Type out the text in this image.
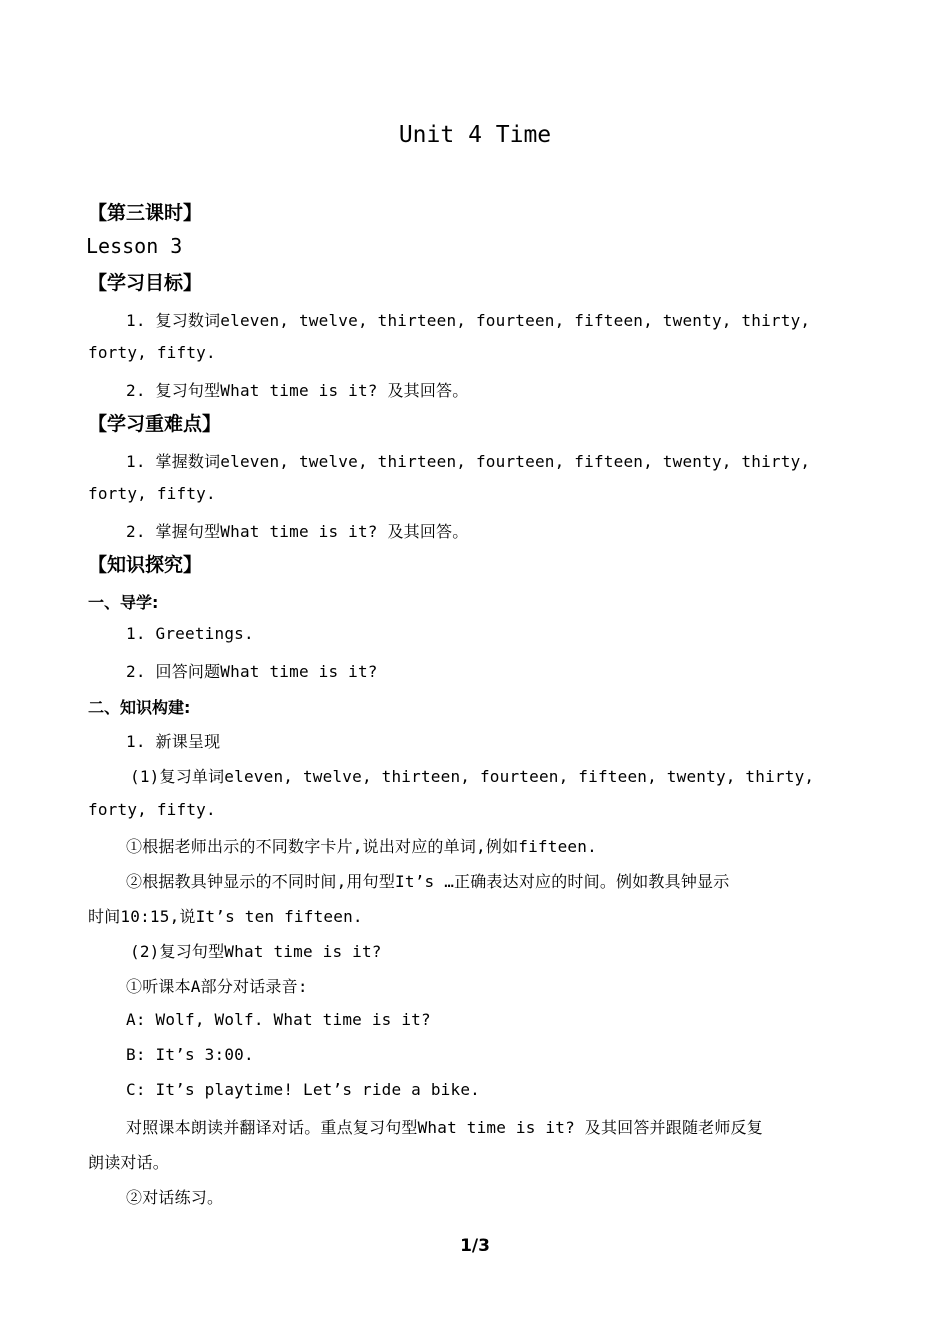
Unit 4 Time
【第三课时】
Lesson 3
【学习目标】
1. 复习数词eleven, twelve, thirteen, fourteen, fifteen, twenty, thirty,
forty, fifty.
2. 复习句型What time is it? 及其回答。
【学习重难点】
1. 掌握数词eleven, twelve, thirteen, fourteen, fifteen, twenty, thirty,
forty, fifty.
2. 掌握句型What time is it? 及其回答。
【知识探究】
一、导学:
1. Greetings.
2. 回答问题What time is it?
二、知识构建:
1. 新课呈现
(1)复习单词eleven, twelve, thirteen, fourteen, fifteen, twenty, thirty,
forty, fifty.
①根据老师出示的不同数字卡片,说出对应的单词,例如fifteen.
②根据教具钟显示的不同时间,用句型It’s …正确表达对应的时间。例如教具钟显示
时间10:15,说It’s ten fifteen.
(2)复习句型What time is it?
①听课本A部分对话录音:
A: Wolf, Wolf. What time is it?
B: It’s 3:00.
C: It’s playtime! Let’s ride a bike.
对照课本朗读并翻译对话。重点复习句型What time is it? 及其回答并跟随老师反复
朗读对话。
②对话练习。
1/3
